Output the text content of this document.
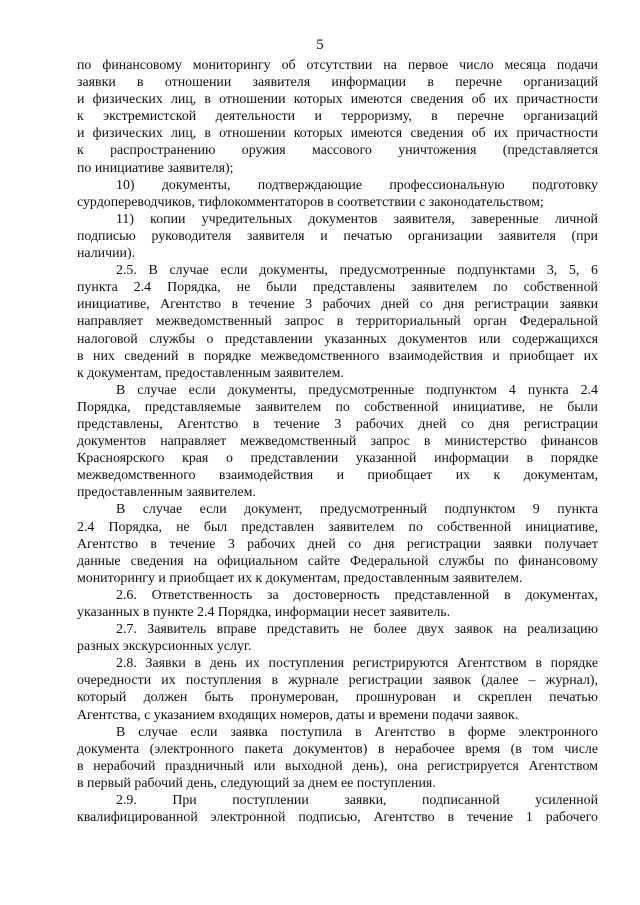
5

по финансовому мониторингу об отсутствии на первое число месяца подачи

заявки в отношении заявителя информации в перечне организаций

и физических лиц, в отношении которых имеются сведения об их причастности

к экстремистской деятельности и терроризму, в перечне организаций

и физических лиц, в отношении которых имеются сведения об их причастности

к распространению оружия массового уничтожения (представляется

по инициативе заявителя);

10) документы, подтверждающие профессиональную подготовку

сурдопереводчиков, тифлокомментаторов в соответствии с законодательством;

11) копии учредительных документов заявителя, заверенные личной

подписью руководителя заявителя и печатью организации заявителя (при

наличии).

2.5. В случае если документы, предусмотренные подпунктами 3, 5, 6

пункта 2.4 Порядка, не были представлены заявителем по собственной

инициативе, Агентство в течение 3 рабочих дней со дня регистрации заявки

направляет межведомственный запрос в территориальный орган Федеральной

налоговой службы о представлении указанных документов или содержащихся

в них сведений в порядке межведомственного взаимодействия и приобщает их

к документам, предоставленным заявителем.

В случае если документы, предусмотренные подпунктом 4 пункта 2.4

Порядка, представляемые заявителем по собственной инициативе, не были

представлены, Агентство в течение 3 рабочих дней со дня регистрации

документов направляет межведомственный запрос в министерство финансов

Красноярского края о представлении указанной информации в порядке

межведомственного взаимодействия и приобщает их к документам,

предоставленным заявителем.

В случае если документ, предусмотренный подпунктом 9 пункта

2.4 Порядка, не был представлен заявителем по собственной инициативе,

Агентство в течение 3 рабочих дней со дня регистрации заявки получает

данные сведения на официальном сайте Федеральной службы по финансовому

мониторингу и приобщает их к документам, предоставленным заявителем.

2.6. Ответственность за достоверность представленной в документах,

указанных в пункте 2.4 Порядка, информации несет заявитель.

2.7. Заявитель вправе представить не более двух заявок на реализацию

разных экскурсионных услуг.

2.8. Заявки в день их поступления регистрируются Агентством в порядке

очередности их поступления в журнале регистрации заявок (далее – журнал),

который должен быть пронумерован, прошнурован и скреплен печатью

Агентства, с указанием входящих номеров, даты и времени подачи заявок.

В случае если заявка поступила в Агентство в форме электронного

документа (электронного пакета документов) в нерабочее время (в том числе

в нерабочий праздничный или выходной день), она регистрируется Агентством

в первый рабочий день, следующий за днем ее поступления.

2.9. При поступлении заявки, подписанной усиленной

квалифицированной электронной подписью, Агентство в течение 1 рабочего
